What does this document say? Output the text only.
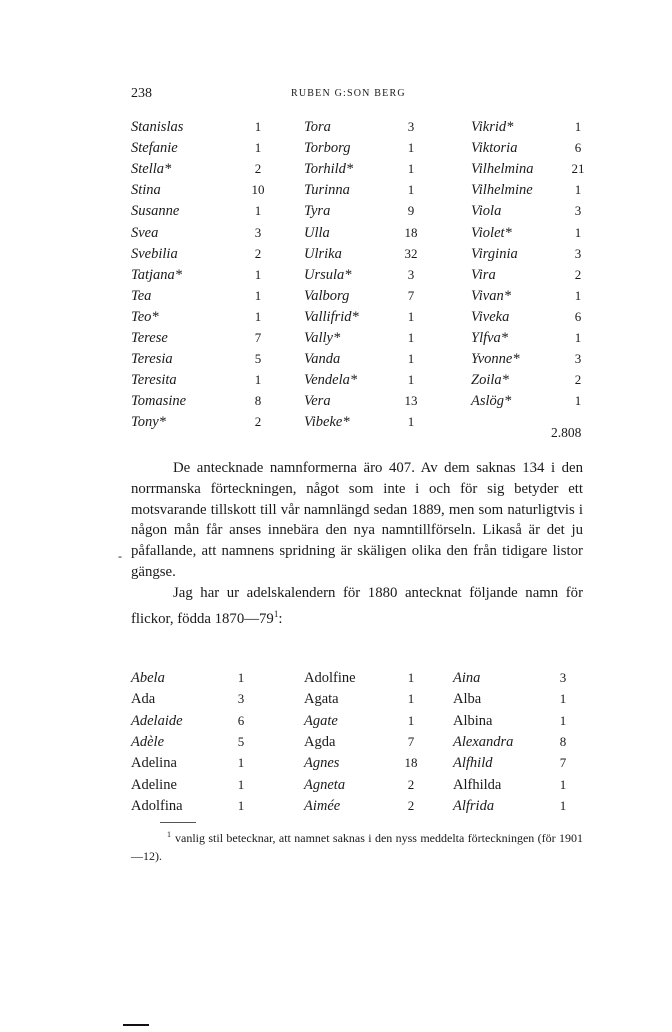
238	RUBEN G:SON BERG
Stanislas	1	Tora	3	Vikrid*	1
Stefanie	1	Torborg	1	Viktoria	6
Stella*	2	Torhild*	1	Vilhelmina	21
Stina	10	Turinna	1	Vilhelmine	1
Susanne	1	Tyra	9	Viola	3
Svea	3	Ulla	18	Violet*	1
Svebilia	2	Ulrika	32	Virginia	3
Tatjana*	1	Ursula*	3	Vira	2
Tea	1	Valborg	7	Vivan*	1
Teo*	1	Vallifrid*	1	Viveka	6
Terese	7	Vally*	1	Ylfva*	1
Teresia	5	Vanda	1	Yvonne*	3
Teresita	1	Vendela*	1	Zoila*	2
Tomasine	8	Vera	13	Aslög*	1
Tony*	2	Vibeke*	1
2.808

De antecknade namnformerna äro 407. Av dem saknas 134 i den norrmanska förteckningen, något som inte i och för sig betyder ett motsvarande tillskott till vår namnlängd sedan 1889, men som naturligtvis i någon mån får anses innebära den nya namntillförseln. Likaså är det ju påfallande, att namnens spridning är skäligen olika den från tidigare listor gängse.

Jag har ur adelskalendern för 1880 antecknat följande namn för flickor, födda $1870—79^1$:

-
Abela	1	Adolfine	1	Aina	3
Ada	3	Agata	1	Alba	1
Adelaide	6	Agate	1	Albina	1
Adèle	5	Agda	7	Alexandra	8
Adelina	1	Agnes	18	Alfhild	7
Adeline	1	Agneta	2	Alfhilda	1
Adolfina	1	Aimée	2	Alfrida	1
$^1$ vanlig stil betecknar, att namnet saknas i den nyss meddelta förteckningen (för 1901—12).
